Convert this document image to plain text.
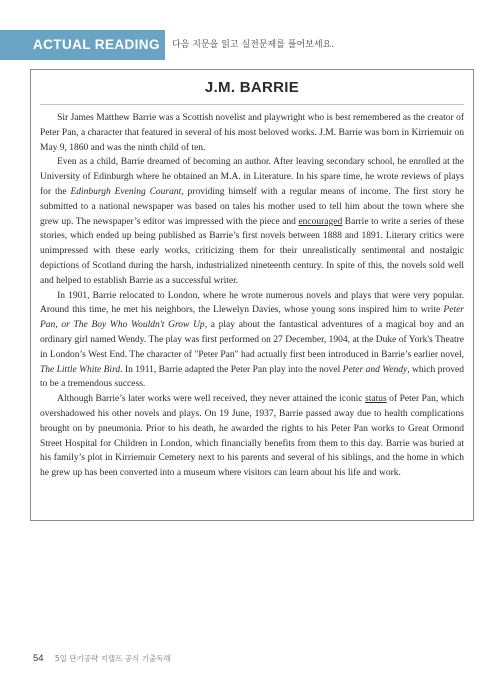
ACTUAL READING	다음 지문을 읽고 실전문제를 풀어보세요.
J.M. BARRIE

Sir James Matthew Barrie was a Scottish novelist and playwright who is best remembered as the creator of Peter Pan, a character that featured in several of his most beloved works. J.M. Barrie was born in Kirriemuir on May 9, 1860 and was the ninth child of ten.

Even as a child, Barrie dreamed of becoming an author. After leaving secondary school, he enrolled at the University of Edinburgh where he obtained an M.A. in Literature. In his spare time, he wrote reviews of plays for the Edinburgh Evening Courant, providing himself with a regular means of income. The first story he submitted to a national newspaper was based on tales his mother used to tell him about the town where she grew up. The newspaper’s editor was impressed with the piece and encouraged Barrie to write a series of these stories, which ended up being published as Barrie’s first novels between 1888 and 1891. Literary critics were unimpressed with these early works, criticizing them for their unrealistically sentimental and nostalgic depictions of Scotland during the harsh, industrialized nineteenth century. In spite of this, the novels sold well and helped to establish Barrie as a successful writer.

In 1901, Barrie relocated to London, where he wrote numerous novels and plays that were very popular. Around this time, he met his neighbors, the Llewelyn Davies, whose young sons inspired him to write Peter Pan, or The Boy Who Wouldn't Grow Up, a play about the fantastical adventures of a magical boy and an ordinary girl named Wendy. The play was first performed on 27 December, 1904, at the Duke of York's Theatre in London’s West End. The character of "Peter Pan" had actually first been introduced in Barrie’s earlier novel, The Little White Bird. In 1911, Barrie adapted the Peter Pan play into the novel Peter and Wendy, which proved to be a tremendous success.

Although Barrie’s later works were well received, they never attained the iconic status of Peter Pan, which overshadowed his other novels and plays. On 19 June, 1937, Barrie passed away due to health complications brought on by pneumonia. Prior to his death, he awarded the rights to his Peter Pan works to Great Ormond Street Hospital for Children in London, which financially benefits from them to this day. Barrie was buried at his family’s plot in Kirriemuir Cemetery next to his parents and several of his siblings, and the home in which he grew up has been converted into a museum where visitors can learn about his life and work.

54 5일 단기공략 지텔프 공식 기출독해
